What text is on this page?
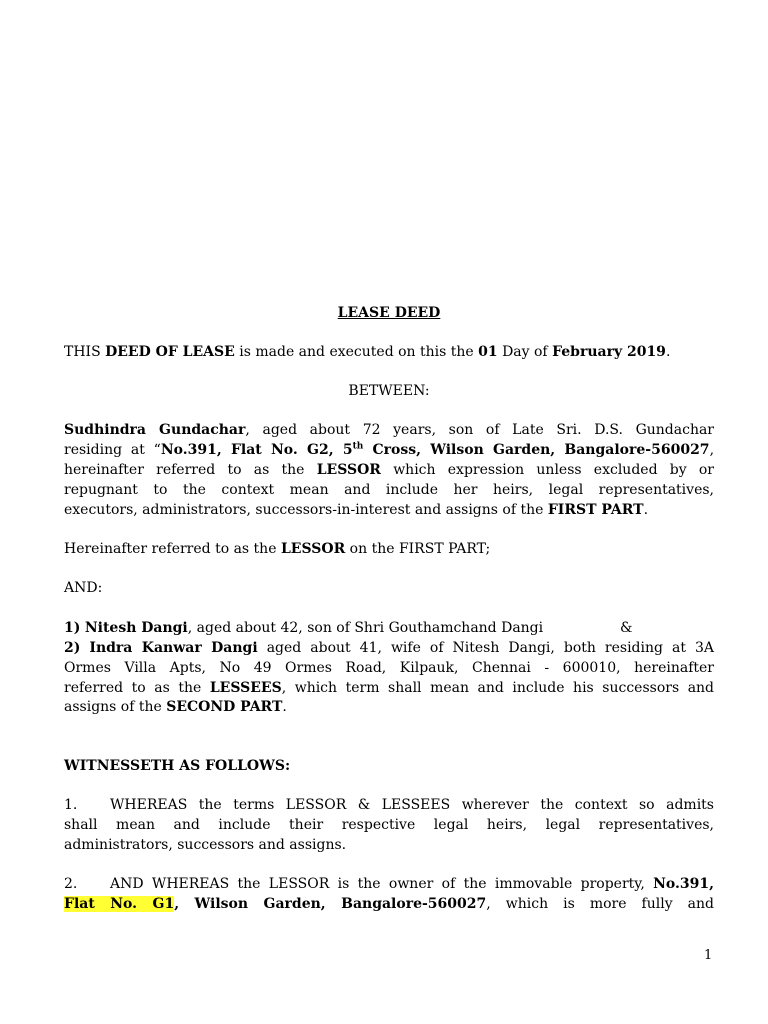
LEASE DEED
THIS DEED OF LEASE is made and executed on this the 01 Day of February 2019.
BETWEEN:
Sudhindra Gundachar, aged about 72 years, son of Late Sri. D.S. Gundachar
residing at “No.391, Flat No. G2, 5th Cross, Wilson Garden, Bangalore-560027,
hereinafter referred to as the LESSOR which expression unless excluded by or
repugnant to the context mean and include her heirs, legal representatives,
executors, administrators, successors-in-interest and assigns of the FIRST PART.
Hereinafter referred to as the LESSOR on the FIRST PART;
AND:
1) Nitesh Dangi, aged about 42, son of Shri Gouthamchand Dangi	&
2) Indra Kanwar Dangi aged about 41, wife of Nitesh Dangi, both residing at 3A
Ormes Villa Apts, No 49 Ormes Road, Kilpauk, Chennai - 600010, hereinafter
referred to as the LESSEES, which term shall mean and include his successors and
assigns of the SECOND PART.
WITNESSETH AS FOLLOWS:
1. WHEREAS the terms LESSOR & LESSEES wherever the context so admits
shall mean and include their respective legal heirs, legal representatives,
administrators, successors and assigns.
2. AND WHEREAS the LESSOR is the owner of the immovable property, No.391,
Flat No. G1, Wilson Garden, Bangalore-560027, which is more fully and
1
